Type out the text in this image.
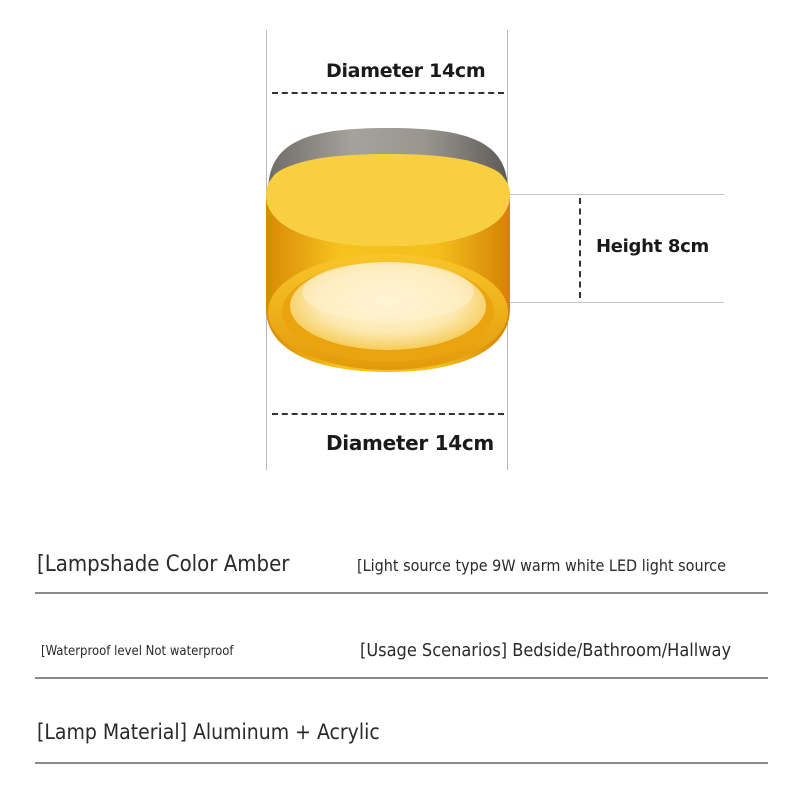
Diameter 14cm
Height 8cm
Diameter 14cm
[Lampshade Color Amber	[Light source type 9W warm white LED light source
[Waterproof level Not waterproof	[Usage Scenarios] Bedside/Bathroom/Hallway
[Lamp Material] Aluminum + Acrylic
